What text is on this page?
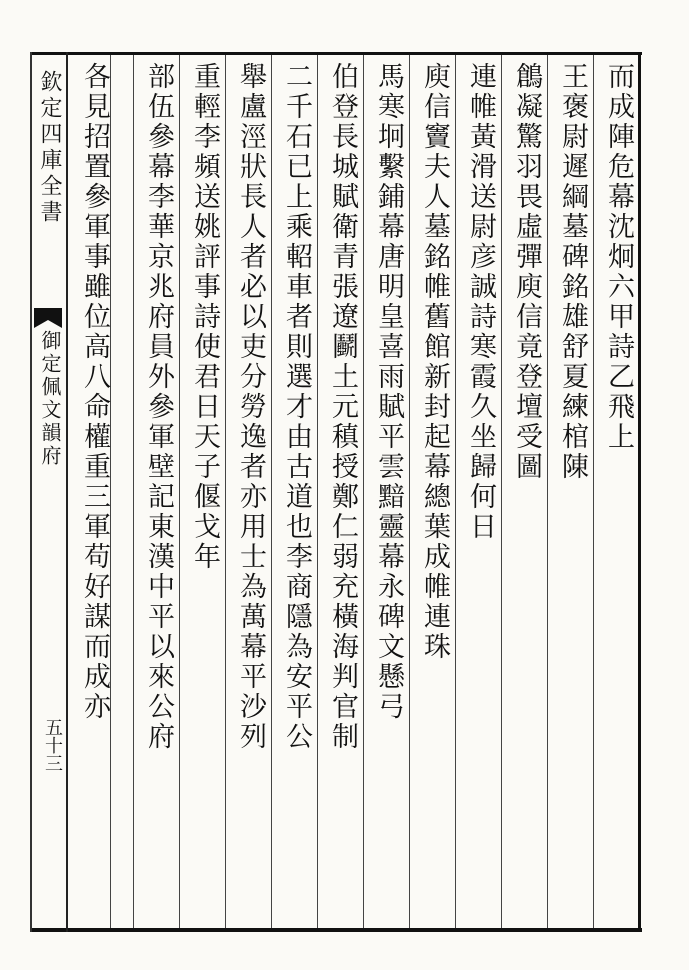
欽定四庫全書
御定佩文韻府
五十三
而成陣危幕沈炯六甲詩乙飛上
王褒尉遲綱墓碑銘雄舒夏練棺陳
鶬凝驚羽畏虛彈庾信竟登壇受圖
連帷黃滑送尉彦誠詩寒霞久坐歸何日
庾信竇夫人墓銘帷舊館新封起幕總葉成帷連珠
馬寒坰繫鋪幕唐明皇喜雨賦平雲黯靈幕永碑文懸弓
伯登長城賦衛青張遼鬬土元稹授鄭仁弱充橫海判官制
二千石已上乘軺車者則選才由古道也李商隱為安平公
舉盧涇狀長人者必以吏分勞逸者亦用士為萬幕平沙列
重輕李頻送姚評事詩使君日天子偃戈年
部伍參幕李華京兆府員外參軍壁記東漢中平以來公府
各見招置參軍事雖位高八命權重三軍苟好謀而成亦
